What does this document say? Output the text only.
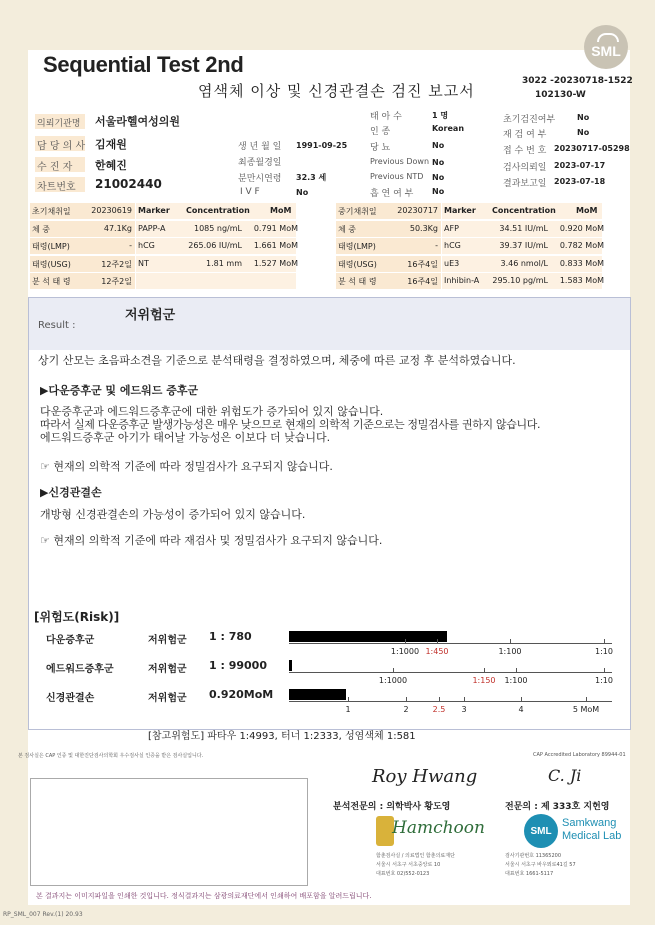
Sequential Test 2nd
염색체 이상 및 신경관결손 검진 보고서
3022 -20230718-1522
102130-W
SML
의뢰기관명 서울라헬여성의원
담 당 의 사 김재원
수 진 자 한혜진
차트번호 21002440
생 년 월 일 1991-09-25
최종월경일
분만시연령 32.3 세
I V F	No
태 아 수	1 명
인 종	Korean
당 뇨	No
Previous Down No
Previous NTD No
흡 연 여 부 No
초기검진여부	No
재 검 여 부	No
접 수 번 호 20230717-05298
검사의뢰일 2023-07-17
결과보고일 2023-07-18
초기채취일	20230619
체 중	47.1Kg
태령(LMP)	-
태령(USG)	12주2일
분 석 태 령	12주2일
Marker Concentration	MoM
PAPP-A	1085 ng/mL	0.791 MoM
hCG	265.06 IU/mL	1.661 MoM
NT	1.81 mm	1.527 MoM
중기채취일	20230717
체 중	50.3Kg
태령(LMP)	-
태령(USG)	16주4일
분 석 태 령	16주4일
Marker Concentration	MoM
AFP	34.51 IU/mL	0.920 MoM
hCG	39.37 IU/mL	0.782 MoM
uE3	3.46 nmol/L	0.833 MoM
Inhibin-A	295.10 pg/mL	1.583 MoM
Result :
저위험군
상기 산모는 초음파소견을 기준으로 분석태령을 결정하였으며, 체중에 따른 교정 후 분석하였습니다.
▶다운증후군 및 에드워드 증후군
다운증후군과 에드워드증후군에 대한 위험도가 증가되어 있지 않습니다.
따라서 실제 다운증후군 발생가능성은 매우 낮으므로 현재의 의학적 기준으로는 정밀검사를 권하지 않습니다.
에드워드증후군 아기가 태어날 가능성은 이보다 더 낮습니다.
☞ 현재의 의학적 기준에 따라 정밀검사가 요구되지 않습니다.
▶신경관결손
개방형 신경관결손의 가능성이 증가되어 있지 않습니다.
☞ 현재의 의학적 기준에 따라 재검사 및 정밀검사가 요구되지 않습니다.
[위험도(Risk)]
다운증후군	저위험군 1 : 780
1:1000 1:450	1:100	1:10
에드워드증후군	저위험군 1 : 99000
1:1000	1:150 1:100	1:10
신경관결손	저위험군 0.920MoM
1	2	2.5 3	4	5 MoM
[참고위험도] 파타우 1:4993, 터너 1:2333, 성염색체 1:581
본 검사실은 CAP 인증 및 대한진단검사의학회 우수검사실 인증을 받은 검사실입니다.	CAP Accredited Laboratory 89944-01
Roy Hwang	C. Ji
분석전문의 : 의학박사 황도영	전문의 : 제 333호 지헌영
Hamchoon
함춘검사실 / 의료법인 함춘의료재단
서울시 서초구 서초중앙로 10
대표번호 02)552-0123
SML
Samkwang
Medical Lab
검사기관번호 11365200
서울시 서초구 바우뫼로41길 57
대표번호 1661-5117
본 결과지는 이미지파일을 인쇄한 것입니다. 정식결과지는 삼광의료재단에서 인쇄하여 배포함을 알려드립니다.
RP_SML_007 Rev.(1) 20.93
